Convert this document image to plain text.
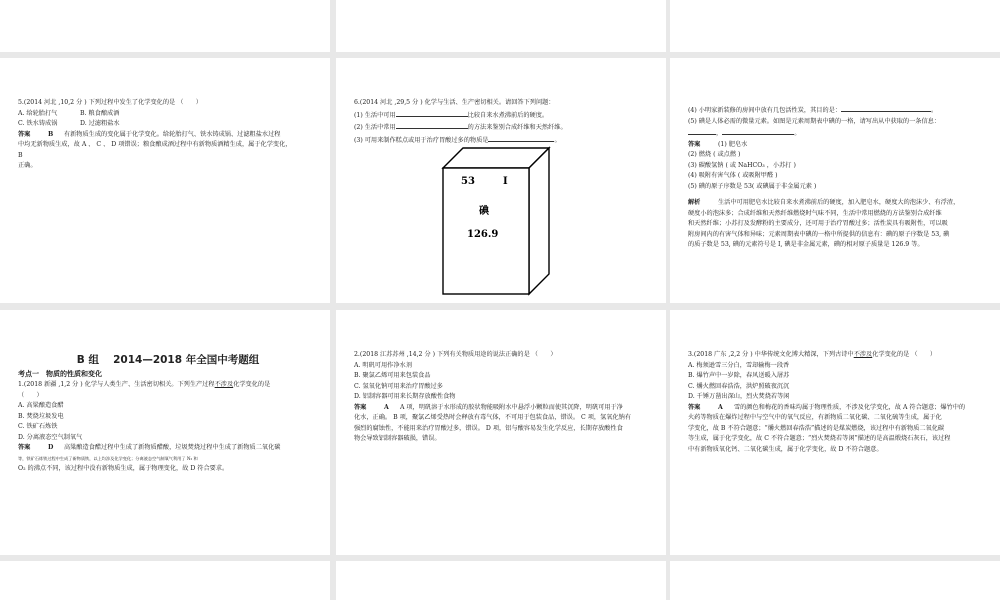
5.(2014 河北 ,10,2 分 ) 下列过程中发生了化学变化的是 （　　）
A. 给轮胎打气	B. 粮食酿成酒
C. 铁水铸成锅	D. 过滤粗盐水
答案	B 有新物质生成的变化属于化学变化。给轮胎打气、铁水铸成锅、过滤粗盐水过程
中均无新物质生成，故 A 、 C 、 D 项错误；粮食酿成酒过程中有新物质酒精生成，属于化学变化，
B
正确。
6.(2014 河北 ,29,5 分 ) 化学与生活、生产密切相关。请回答下列问题：
(1) 生活中可用	比较自来水煮沸前后的硬度。
(2) 生活中常用	的方法来鉴别合成纤维和天然纤维。
(3) 可用来制作糕点或用于治疗胃酸过多的物质是	。
53	I
碘
126.9
(4) 小明家新装修的房间中放有几包活性炭，其目的是：	。
(5) 碘是人体必需的微量元素。如图是元素周期表中碘的一格，请写出从中获取的一条信息：
，	。
答案	(1) 肥皂水
(2) 燃烧 ( 或点燃 )
(3) 碳酸氢钠 ( 或 NaHCO₃ ，小苏打 )
(4) 吸附有害气体 ( 或吸附甲醛 )
(5) 碘的原子序数是 53( 或碘属于非金属元素 )
解析	生活中可用肥皂水比较自来水煮沸前后的硬度，加入肥皂水，硬度大的泡沫少、有浮渣，
硬度小的泡沫多；合成纤维和天然纤维燃烧时气味不同，生活中常用燃烧的方法鉴别合成纤维
和天然纤维；小苏打及发酵粉的主要成分，还可用于治疗胃酸过多；活性炭具有吸附性，可以吸
附房间内的有害气体和异味；元素周期表中碘的一格中所提供的信息有：碘的原子序数是 53, 碘
的质子数是 53, 碘的元素符号是 I, 碘是非金属元素，碘的相对原子质量是 126.9 等。
B 组　 2014—2018 年全国中考题组
考点一　物质的性质和变化
1.(2018 新疆 ,1,2 分 ) 化学与人类生产、生活密切相关。下列生产过程不涉及化学变化的是
（　　）
A. 高粱酿造食醋
B. 焚烧垃圾发电
C. 铁矿石炼铁
D. 分离液态空气制氧气
答案	D 高粱酿造食醋过程中生成了新物质醋酸，垃圾焚烧过程中生成了新物质二氧化碳
等，铁矿石炼铁过程中生成了新物质铁，以上均涉及化学变化；分离液态空气制氧气利用了 N₂ 和
O₂ 的沸点不同，该过程中没有新物质生成，属于物理变化，故 D 符合要求。
2.(2018 江苏苏州 ,14,2 分 ) 下列有关物质用途的说法正确的是 （　　）
A. 明矾可用作净水剂
B. 聚氯乙烯可用来包装食品
C. 氢氧化钠可用来治疗胃酸过多
D. 铝制容器可用来长期存放酸性食物
答案	A A 项，明矾溶于水形成的胶状物能吸附水中悬浮小颗粒而使其沉降，明矾可用于净
化水，正确。 B 项，聚氯乙烯受热时会释放有毒气体，不可用于包装食品，错误。 C 项，氢氧化钠有
强烈的腐蚀性，不能用来治疗胃酸过多，错误。 D 项，铝与酸容易发生化学反应，长期存放酸性食
物会导致铝制容器破损，错误。
3.(2018 广东 ,2,2 分 ) 中华传统文化博大精深，下列古诗中不涉及化学变化的是 （　　）
A. 梅须逊雪三分白，雪却输梅一段香
B. 爆竹声中一岁除，春风送暖入屠苏
C. 爝火燃回春浩浩，洪炉照破夜沉沉
D. 千锤万凿出深山，烈火焚烧若等闲
答案	A 雪的颜色和梅花的香味均属于物理性质，不涉及化学变化，故 A 符合题意；爆竹中的
火药等物质在爆炸过程中与空气中的氧气反应，有新物质二氧化碳、二氧化硫等生成，属于化
学变化，故 B 不符合题意；“爝火燃回春浩浩”描述的是煤炭燃烧，该过程中有新物质二氧化碳
等生成，属于化学变化，故 C 不符合题意；“烈火焚烧若等闲”描述的是高温煅烧石灰石，该过程
中有新物质氧化钙、二氧化碳生成，属于化学变化，故 D 不符合题意。
